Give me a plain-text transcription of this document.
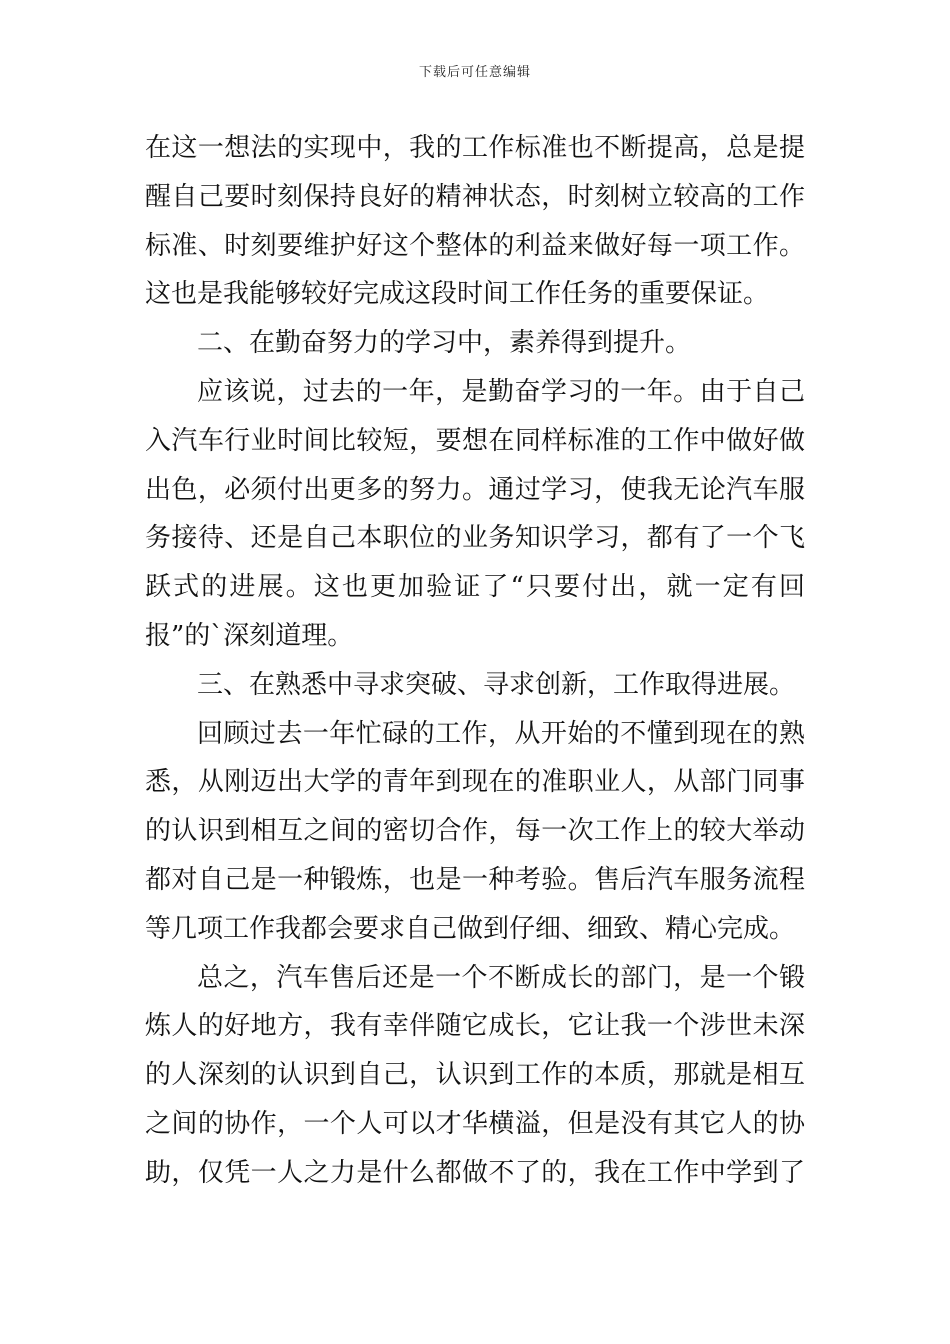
下载后可任意编辑
在这一想法的实现中，我的工作标准也不断提高，总是提
醒自己要时刻保持良好的精神状态，时刻树立较高的工作
标准、时刻要维护好这个整体的利益来做好每一项工作。
这也是我能够较好完成这段时间工作任务的重要保证。
二、在勤奋努力的学习中，素养得到提升。
应该说，过去的一年，是勤奋学习的一年。由于自己
入汽车行业时间比较短，要想在同样标准的工作中做好做
出色，必须付出更多的努力。通过学习，使我无论汽车服
务接待、还是自己本职位的业务知识学习，都有了一个飞
跃式的进展。这也更加验证了“只要付出，就一定有回
报”的`深刻道理。
三、在熟悉中寻求突破、寻求创新，工作取得进展。
回顾过去一年忙碌的工作，从开始的不懂到现在的熟
悉，从刚迈出大学的青年到现在的准职业人，从部门同事
的认识到相互之间的密切合作，每一次工作上的较大举动
都对自己是一种锻炼，也是一种考验。售后汽车服务流程
等几项工作我都会要求自己做到仔细、细致、精心完成。
总之，汽车售后还是一个不断成长的部门，是一个锻
炼人的好地方，我有幸伴随它成长，它让我一个涉世未深
的人深刻的认识到自己，认识到工作的本质，那就是相互
之间的协作，一个人可以才华横溢，但是没有其它人的协
助，仅凭一人之力是什么都做不了的，我在工作中学到了
